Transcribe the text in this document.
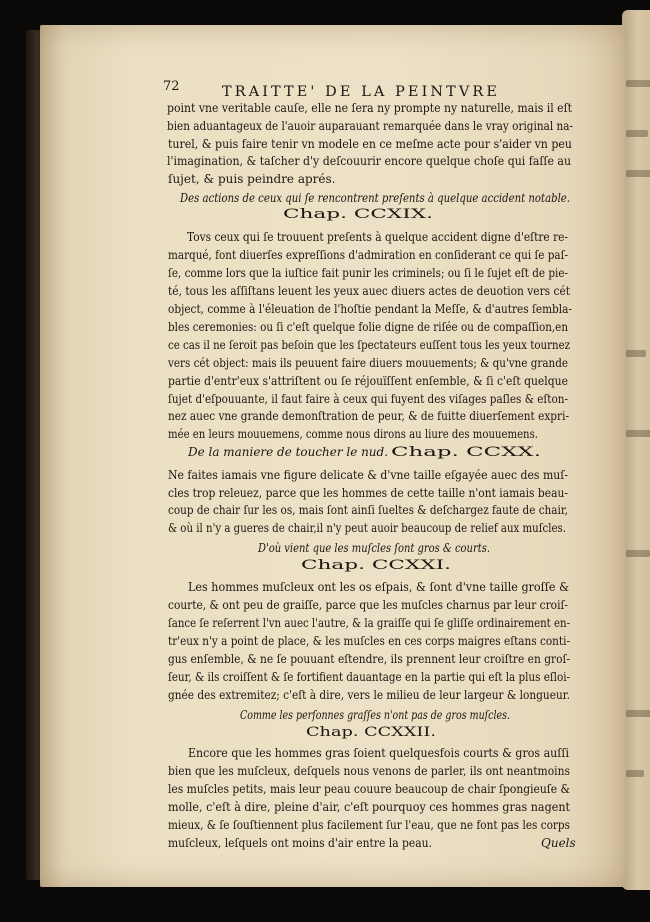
72	TRAITTE' DE LA PEINTVRE
point vne veritable cauſe, elle ne ſera ny prompte ny naturelle, mais il eſt
bien aduantageux de l'auoir auparauant remarquée dans le vray original na-
turel, & puis faire tenir vn modele en ce meſme acte pour s'aider vn peu
l'imagination, & taſcher d'y deſcouurir encore quelque choſe qui faſſe au
ſujet, & puis peindre aprés.
Des actions de ceux qui ſe rencontrent preſents à quelque accident notable.
Chap. CCXIX.
Tovs ceux qui ſe trouuent preſents à quelque accident digne d'eſtre re-
marqué, font diuerſes expreſſions d'admiration en conſiderant ce qui ſe paſ-
ſe, comme lors que la iuſtice fait punir les criminels; ou ſi le ſujet eſt de pie-
té, tous les aſſiſtans leuent les yeux auec diuers actes de deuotion vers cét
object, comme à l'éleuation de l'hoſtie pendant la Meſſe, & d'autres ſembla-
bles ceremonies: ou ſi c'eſt quelque folie digne de riſée ou de compaſſion,en
ce cas il ne ſeroit pas beſoin que les ſpectateurs euſſent tous les yeux tournez
vers cét object: mais ils peuuent faire diuers mouuements; & qu'vne grande
partie d'entr'eux s'attriſtent ou ſe réjouïſſent enſemble, & ſi c'eſt quelque
ſujet d'eſpouuante, il faut faire à ceux qui fuyent des viſages paſles & eſton-
nez auec vne grande demonſtration de peur, & de fuitte diuerſement expri-
mée en leurs mouuemens, comme nous dirons au liure des mouuemens.
De la maniere de toucher le nud. Chap. CCXX.
Ne faites iamais vne figure delicate & d'vne taille eſgayée auec des muſ-
cles trop releuez, parce que les hommes de cette taille n'ont iamais beau-
coup de chair ſur les os, mais ſont ainſi ſueltes & deſchargez faute de chair,
& où il n'y a gueres de chair,il n'y peut auoir beaucoup de relief aux muſcles.
D'où vient que les muſcles ſont gros & courts.
Chap. CCXXI.
Les hommes muſcleux ont les os eſpais, & ſont d'vne taille groſſe &
courte, & ont peu de graiſſe, parce que les muſcles charnus par leur croiſ-
ſance ſe reſerrent l'vn auec l'autre, & la graiſſe qui ſe gliſſe ordinairement en-
tr'eux n'y a point de place, & les muſcles en ces corps maigres eſtans conti-
gus enſemble, & ne ſe pouuant eſtendre, ils prennent leur croiſtre en groſ-
ſeur, & ils croiſſent & ſe fortifient dauantage en la partie qui eſt la plus eſloi-
gnée des extremitez; c'eſt à dire, vers le milieu de leur largeur & longueur.
Comme les perſonnes graſſes n'ont pas de gros muſcles.
Chap. CCXXII.
Encore que les hommes gras ſoient quelquesfois courts & gros auſſi
bien que les muſcleux, deſquels nous venons de parler, ils ont neantmoins
les muſcles petits, mais leur peau couure beaucoup de chair ſpongieuſe &
molle, c'eſt à dire, pleine d'air, c'eſt pourquoy ces hommes gras nagent
mieux, & ſe ſouſtiennent plus facilement ſur l'eau, que ne font pas les corps
muſcleux, leſquels ont moins d'air entre la peau.	Quels
